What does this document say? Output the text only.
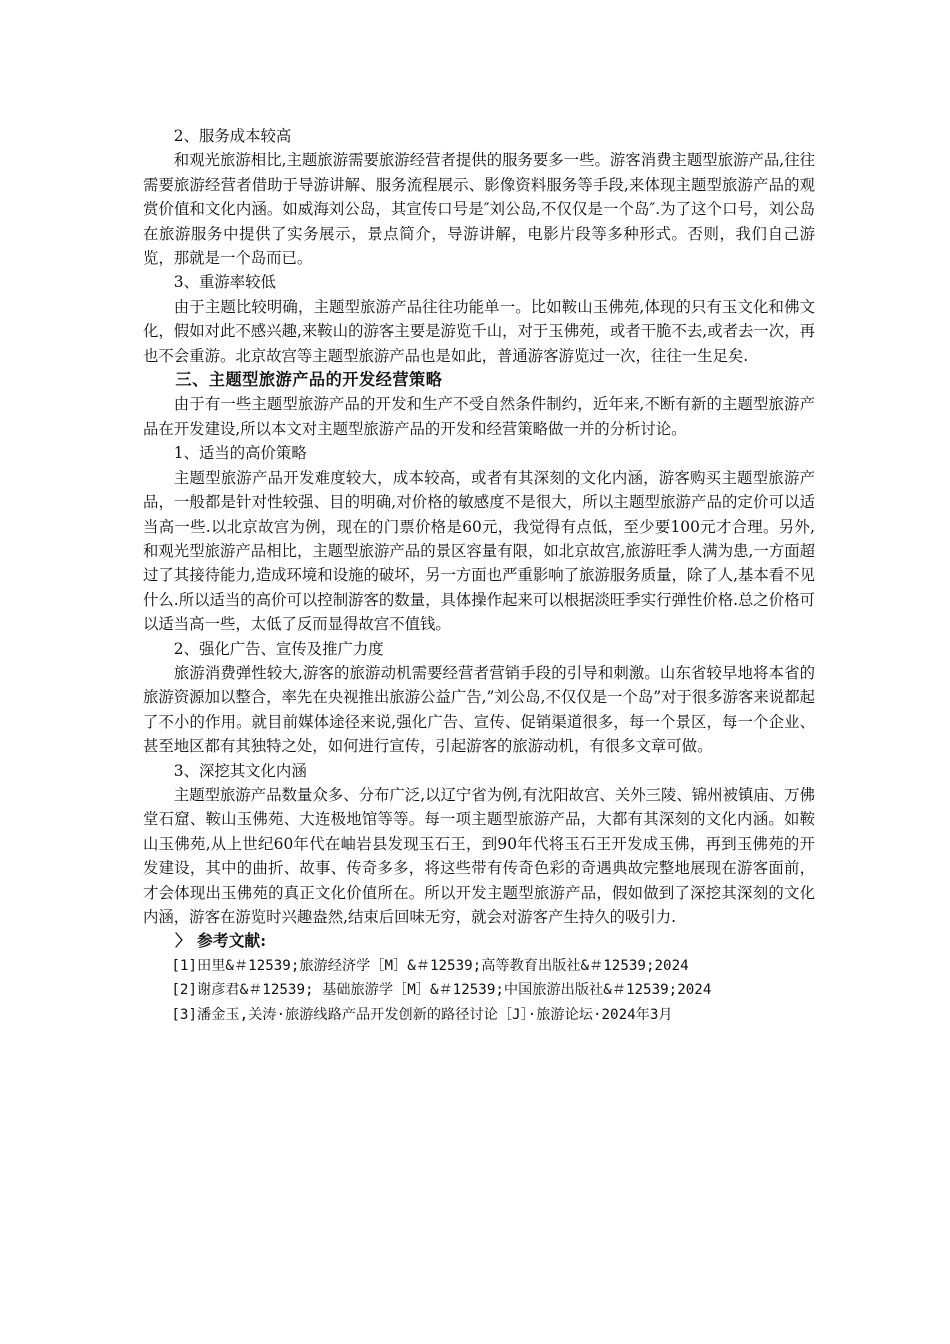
2、服务成本较高

和观光旅游相比,主题旅游需要旅游经营者提供的服务要多一些。游客消费主题型旅游产品,往往需要旅游经营者借助于导游讲解、服务流程展示、影像资料服务等手段,来体现主题型旅游产品的观赏价值和文化内涵。如威海刘公岛，其宣传口号是″刘公岛,不仅仅是一个岛″.为了这个口号，刘公岛在旅游服务中提供了实务展示，景点简介，导游讲解，电影片段等多种形式。否则，我们自己游览，那就是一个岛而已。

3、重游率较低

由于主题比较明确，主题型旅游产品往往功能单一。比如鞍山玉佛苑,体现的只有玉文化和佛文化，假如对此不感兴趣,来鞍山的游客主要是游览千山，对于玉佛苑，或者干脆不去,或者去一次，再也不会重游。北京故宫等主题型旅游产品也是如此，普通游客游览过一次，往往一生足矣.

三、主题型旅游产品的开发经营策略

由于有一些主题型旅游产品的开发和生产不受自然条件制约，近年来,不断有新的主题型旅游产品在开发建设,所以本文对主题型旅游产品的开发和经营策略做一并的分析讨论。

1、适当的高价策略

主题型旅游产品开发难度较大，成本较高，或者有其深刻的文化内涵，游客购买主题型旅游产品，一般都是针对性较强、目的明确,对价格的敏感度不是很大，所以主题型旅游产品的定价可以适当高一些.以北京故宫为例，现在的门票价格是60元，我觉得有点低，至少要100元才合理。另外,和观光型旅游产品相比，主题型旅游产品的景区容量有限，如北京故宫,旅游旺季人满为患,一方面超过了其接待能力,造成环境和设施的破坏，另一方面也严重影响了旅游服务质量，除了人,基本看不见什么.所以适当的高价可以控制游客的数量，具体操作起来可以根据淡旺季实行弹性价格.总之价格可以适当高一些，太低了反而显得故宫不值钱。

2、强化广告、宣传及推广力度

旅游消费弹性较大,游客的旅游动机需要经营者营销手段的引导和刺激。山东省较早地将本省的旅游资源加以整合，率先在央视推出旅游公益广告,”刘公岛,不仅仅是一个岛”对于很多游客来说都起了不小的作用。就目前媒体途径来说,强化广告、宣传、促销渠道很多，每一个景区，每一个企业、甚至地区都有其独特之处，如何进行宣传，引起游客的旅游动机，有很多文章可做。

3、深挖其文化内涵

主题型旅游产品数量众多、分布广泛,以辽宁省为例,有沈阳故宫、关外三陵、锦州被镇庙、万佛堂石窟、鞍山玉佛苑、大连极地馆等等。每一项主题型旅游产品，大都有其深刻的文化内涵。如鞍山玉佛苑,从上世纪60年代在岫岩县发现玉石王，到90年代将玉石王开发成玉佛，再到玉佛苑的开发建设，其中的曲折、故事、传奇多多，将这些带有传奇色彩的奇遇典故完整地展现在游客面前，才会体现出玉佛苑的真正文化价值所在。所以开发主题型旅游产品，假如做到了深挖其深刻的文化内涵，游客在游览时兴趣盎然,结束后回味无穷，就会对游客产生持久的吸引力.

〉 参考文献:

[1]田里&＃12539;旅游经济学［M］&＃12539;高等教育出版社&＃12539;2024

[2]谢彦君&＃12539; 基础旅游学［M］&＃12539;中国旅游出版社&＃12539;2024

[3]潘金玉,关涛·旅游线路产品开发创新的路径讨论［J］·旅游论坛·2024年3月
